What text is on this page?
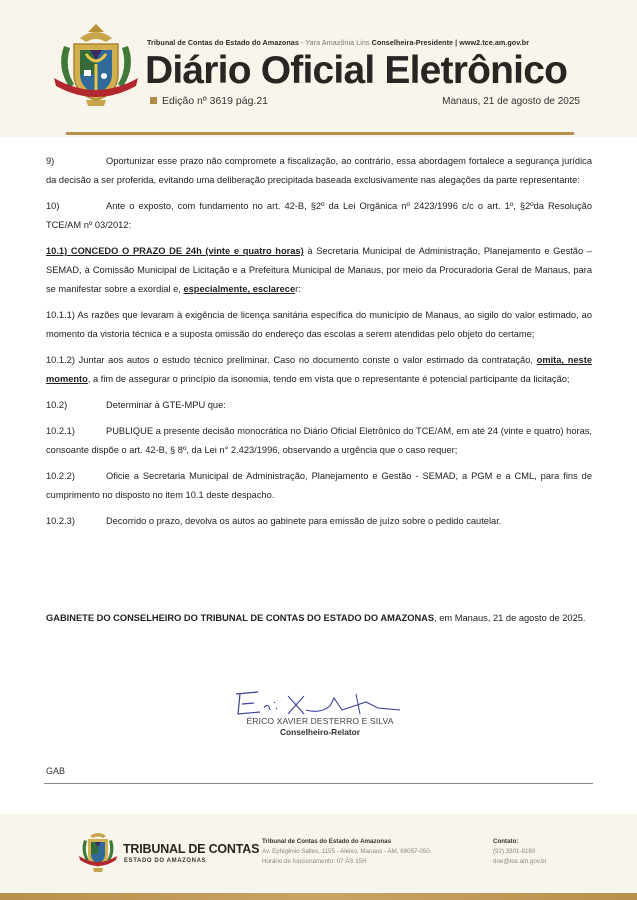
Tribunal de Contas do Estado do Amazonas - Yara Amazônia Lins Conselheira-Presidente | www2.tce.am.gov.br
Diário Oficial Eletrônico
Edição nº 3619 pág.21	Manaus, 21 de agosto de 2025

9)	Oportunizar esse prazo não compromete a fiscalização, ao contrário, essa abordagem fortalece a segurança jurídica da decisão a ser proferida, evitando uma deliberação precipitada baseada exclusivamente nas alegações da parte representante:

10)	Ante o exposto, com fundamento no art. 42-B, §2º da Lei Orgânica nº 2423/1996 c/c o art. 1º, §2ºda Resolução TCE/AM nº 03/2012:

10.1) CONCEDO O PRAZO DE 24h (vinte e quatro horas) à Secretaria Municipal de Administração, Planejamento e Gestão – SEMAD, à Comissão Municipal de Licitação e a Prefeitura Municipal de Manaus, por meio da Procuradoria Geral de Manaus, para se manifestar sobre a exordial e, especialmente, esclarecer:

10.1.1) As razões que levaram à exigência de licença sanitária específica do município de Manaus, ao sigilo do valor estimado, ao momento da vistoria técnica e a suposta omissão do endereço das escolas a serem atendidas pelo objeto do certame;

10.1.2) Juntar aos autos o estudo técnico preliminar. Caso no documento conste o valor estimado da contratação, omita, neste momento, a fim de assegurar o princípio da isonomia, tendo em vista que o representante é potencial participante da licitação;

10.2)	Determinar à GTE-MPU que:

10.2.1)	PUBLIQUE a presente decisão monocrática no Diário Oficial Eletrônico do TCE/AM, em até 24 (vinte e quatro) horas, consoante dispõe o art. 42-B, § 8º, da Lei n° 2.423/1996, observando a urgência que o caso requer;

10.2.2)	Oficie a Secretaria Municipal de Administração, Planejamento e Gestão - SEMAD, a PGM e a CML, para fins de cumprimento no disposto no item 10.1 deste despacho.

10.2.3)	Decorrido o prazo, devolva os autos ao gabinete para emissão de juízo sobre o pedido cautelar.

GABINETE DO CONSELHEIRO DO TRIBUNAL DE CONTAS DO ESTADO DO AMAZONAS, em Manaus, 21 de agosto de 2025.
ÉRICO XAVIER DESTERRO E SILVA
Conselheiro-Relator
GAB
TRIBUNAL DE CONTAS
ESTADO DO AMAZONAS
Tribunal de Contas do Estado do Amazonas
Av. Ephigênio Salles, 1155 - Aleixo, Manaus - AM, 69057-050.
Horário de funcionamento: 07 ÀS 15H
Contato:
(92) 3301-8180
doe@tce.am.gov.br
